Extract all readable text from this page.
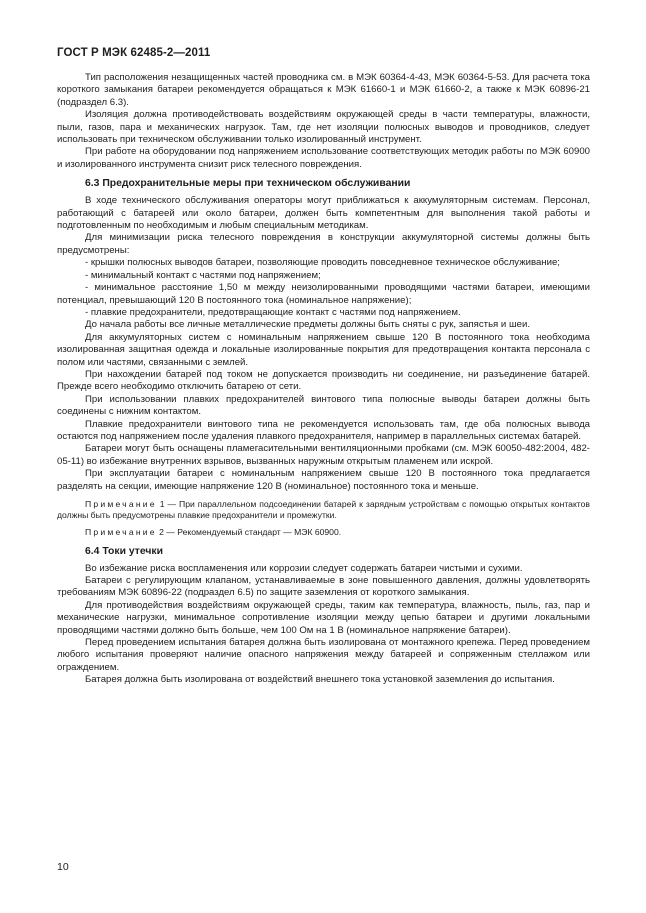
ГОСТ Р МЭК 62485-2—2011

Тип расположения незащищенных частей проводника см. в МЭК 60364-4-43, МЭК 60364-5-53. Для расчета тока короткого замыкания батареи рекомендуется обращаться к МЭК 61660-1 и МЭК 61660-2, а также к МЭК 60896-21 (подраздел 6.3).

Изоляция должна противодействовать воздействиям окружающей среды в части температуры, влажности, пыли, газов, пара и механических нагрузок. Там, где нет изоляции полюсных выводов и проводников, следует использовать при техническом обслуживании только изолированный инструмент.

При работе на оборудовании под напряжением использование соответствующих методик работы по МЭК 60900 и изолированного инструмента снизит риск телесного повреждения.

6.3 Предохранительные меры при техническом обслуживании

В ходе технического обслуживания операторы могут приближаться к аккумуляторным системам. Персонал, работающий с батареей или около батареи, должен быть компетентным для выполнения такой работы и подготовленным по необходимым и любым специальным методикам.

Для минимизации риска телесного повреждения в конструкции аккумуляторной системы должны быть предусмотрены:

- крышки полюсных выводов батареи, позволяющие проводить повседневное техническое обслуживание;

- минимальный контакт с частями под напряжением;

- минимальное расстояние 1,50 м между неизолированными проводящими частями батареи, имеющими потенциал, превышающий 120 В постоянного тока (номинальное напряжение);

- плавкие предохранители, предотвращающие контакт с частями под напряжением.

До начала работы все личные металлические предметы должны быть сняты с рук, запястья и шеи.

Для аккумуляторных систем с номинальным напряжением свыше 120 В постоянного тока необходима изолированная защитная одежда и локальные изолированные покрытия для предотвращения контакта персонала с полом или частями, связанными с землей.

При нахождении батарей под током не допускается производить ни соединение, ни разъединение батарей. Прежде всего необходимо отключить батарею от сети.

При использовании плавких предохранителей винтового типа полюсные выводы батареи должны быть соединены с нижним контактом.

Плавкие предохранители винтового типа не рекомендуется использовать там, где оба полюсных вывода остаются под напряжением после удаления плавкого предохранителя, например в параллельных системах батарей.

Батареи могут быть оснащены пламегасительными вентиляционными пробками (см. МЭК 60050-482:2004, 482-05-11) во избежание внутренних взрывов, вызванных наружным открытым пламенем или искрой.

При эксплуатации батареи с номинальным напряжением свыше 120 В постоянного тока предлагается разделять на секции, имеющие напряжение 120 В (номинальное) постоянного тока и меньше.

Примечание 1 — При параллельном подсоединении батарей к зарядным устройствам с помощью открытых контактов должны быть предусмотрены плавкие предохранители и промежутки.
Примечание 2 — Рекомендуемый стандарт — МЭК 60900.
6.4 Токи утечки

Во избежание риска воспламенения или коррозии следует содержать батареи чистыми и сухими.

Батареи с регулирующим клапаном, устанавливаемые в зоне повышенного давления, должны удовлетворять требованиям МЭК 60896-22 (подраздел 6.5) по защите заземления от короткого замыкания.

Для противодействия воздействиям окружающей среды, таким как температура, влажность, пыль, газ, пар и механические нагрузки, минимальное сопротивление изоляции между цепью батареи и другими локальными проводящими частями должно быть больше, чем 100 Ом на 1 В (номинальное напряжение батареи).

Перед проведением испытания батарея должна быть изолирована от монтажного крепежа. Перед проведением любого испытания проверяют наличие опасного напряжения между батареей и сопряженным стеллажом или ограждением.

Батарея должна быть изолирована от воздействий внешнего тока установкой заземления до испытания.

10
